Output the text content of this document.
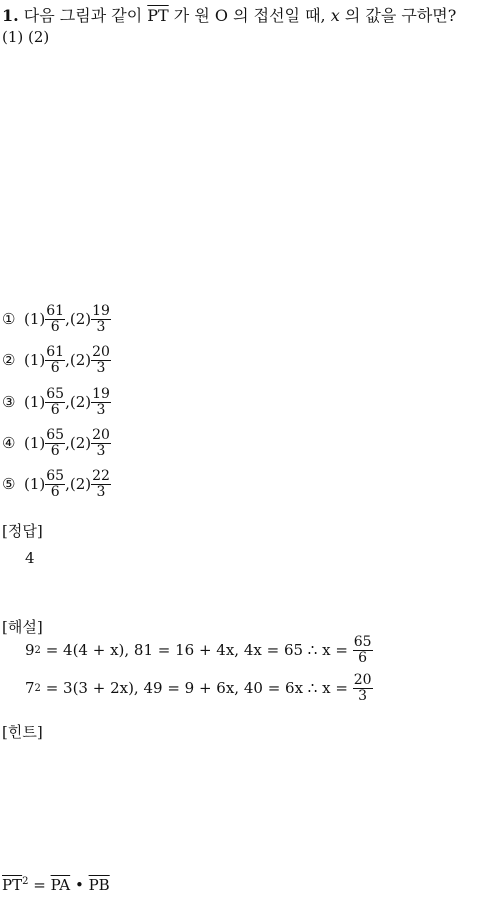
1. 다음 그림과 같이 $\overline{PT}$ 가 원 O 의 접선일 때, x 의 값을 구하면?
(1) (2)
① $(1) \frac{61}{6} ,(2) \frac{19}{3}$
② $(1) \frac{61}{6} ,(2) \frac{20}{3}$
③ $(1) \frac{65}{6} ,(2) \frac{19}{3}$
④ $(1) \frac{65}{6} ,(2) \frac{20}{3}$
⑤ $(1) \frac{65}{6} ,(2) \frac{22}{3}$
[정답]
4
[해설]
9 2 = 4(4 + x), 81 = 16 + 4x, 4x = 65 ∴ $x = \frac{65}{6}$
7 2 = 3(3 + 2x), 49 = 9 + 6x, 40 = 6x ∴ $x = \frac{20}{3}$
[힌트]
$\overline{PT}^2 = \overline{PA}$ • $\overline{PB}$
